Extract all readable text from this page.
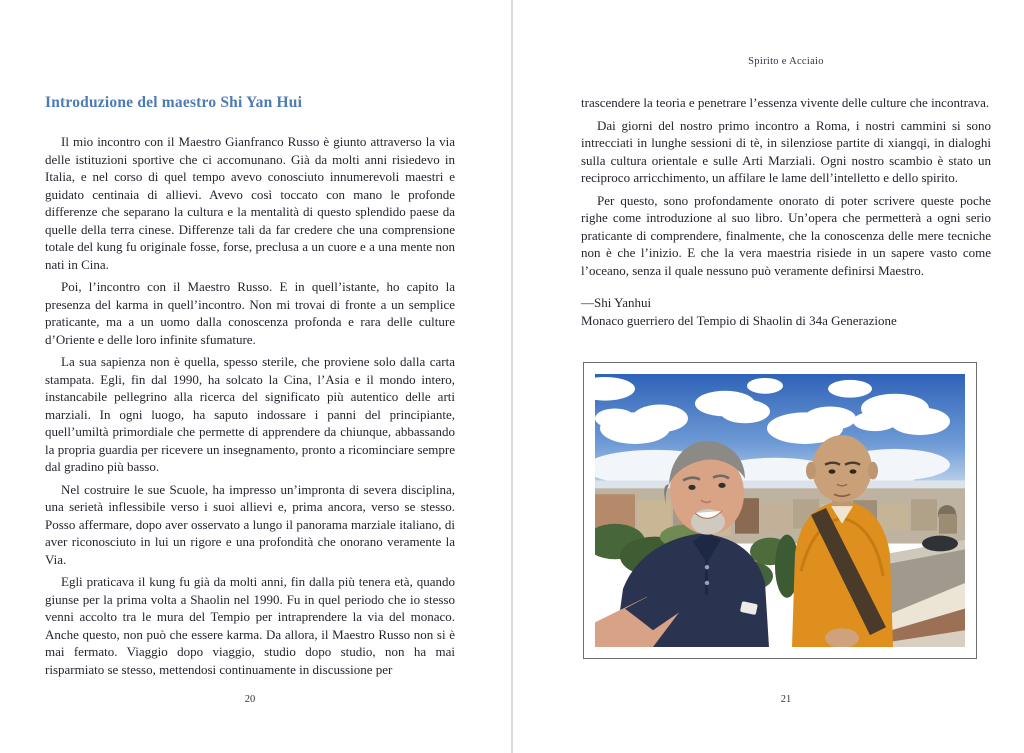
Introduzione del maestro Shi Yan Hui

Il mio incontro con il Maestro Gianfranco Russo è giunto attraverso la via delle istituzioni sportive che ci accomunano. Già da molti anni risiedevo in Italia, e nel corso di quel tempo avevo conosciuto innumerevoli maestri e guidato centinaia di allievi. Avevo così toccato con mano le profonde differenze che separano la cultura e la mentalità di questo splendido paese da quelle della terra cinese. Differenze tali da far credere che una comprensione totale del kung fu originale fosse, forse, preclusa a un cuore e a una mente non nati in Cina.

Poi, l’incontro con il Maestro Russo. E in quell’istante, ho capito la presenza del karma in quell’incontro. Non mi trovai di fronte a un semplice praticante, ma a un uomo dalla conoscenza profonda e rara delle culture d’Oriente e delle loro infinite sfumature.

La sua sapienza non è quella, spesso sterile, che proviene solo dalla carta stampata. Egli, fin dal 1990, ha solcato la Cina, l’Asia e il mondo intero, instancabile pellegrino alla ricerca del significato più autentico delle arti marziali. In ogni luogo, ha saputo indossare i panni del principiante, quell’umiltà primordiale che permette di apprendere da chiunque, abbassando la propria guardia per ricevere un insegnamento, pronto a ricominciare sempre dal gradino più basso.

Nel costruire le sue Scuole, ha impresso un’impronta di severa disciplina, una serietà inflessibile verso i suoi allievi e, prima ancora, verso se stesso. Posso affermare, dopo aver osservato a lungo il panorama marziale italiano, di aver riconosciuto in lui un rigore e una profondità che onorano veramente la Via.

Egli praticava il kung fu già da molti anni, fin dalla più tenera età, quando giunse per la prima volta a Shaolin nel 1990. Fu in quel periodo che io stesso venni accolto tra le mura del Tempio per intraprendere la via del monaco. Anche questo, non può che essere karma. Da allora, il Maestro Russo non si è mai fermato. Viaggio dopo viaggio, studio dopo studio, non ha mai risparmiato se stesso, mettendosi continuamente in discussione per

20
Spirito e Acciaio

trascendere la teoria e penetrare l’essenza vivente delle culture che incontrava.

Dai giorni del nostro primo incontro a Roma, i nostri cammini si sono intrecciati in lunghe sessioni di tè, in silenziose partite di xiangqi, in dialoghi sulla cultura orientale e sulle Arti Marziali. Ogni nostro scambio è stato un reciproco arricchimento, un affilare le lame dell’intelletto e dello spirito.

Per questo, sono profondamente onorato di poter scrivere queste poche righe come introduzione al suo libro. Un’opera che permetterà a ogni serio praticante di comprendere, finalmente, che la conoscenza delle mere tecniche non è che l’inizio. E che la vera maestria risiede in un sapere vasto come l’oceano, senza il quale nessuno può veramente definirsi Maestro.

—Shi Yanhui

Monaco guerriero del Tempio di Shaolin di 34a Generazione

21
